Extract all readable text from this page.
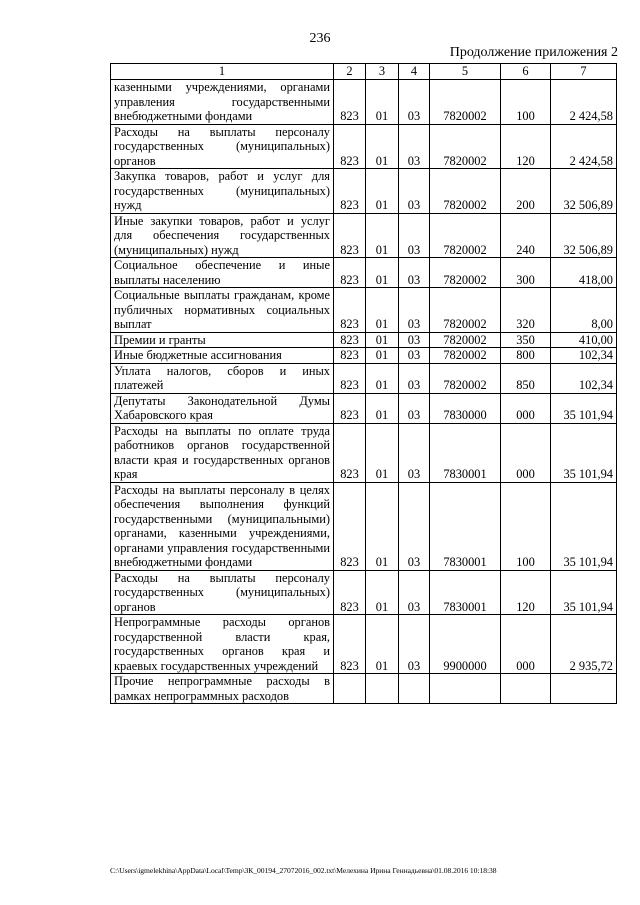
236
Продолжение приложения 2
1	2	3	4	5	6	7
казенными учреждениями, органами управления государственными внебюджетными фондами	823	01	03	7820002	100	2 424,58
Расходы на выплаты персоналу государственных (муниципальных) органов	823	01	03	7820002	120	2 424,58
Закупка товаров, работ и услуг для государственных (муниципальных) нужд	823	01	03	7820002	200	32 506,89
Иные закупки товаров, работ и услуг для обеспечения государственных (муниципальных) нужд	823	01	03	7820002	240	32 506,89
Социальное обеспечение и иные выплаты населению	823	01	03	7820002	300	418,00
Социальные выплаты гражданам, кроме публичных нормативных социальных выплат	823	01	03	7820002	320	8,00
Премии и гранты	823	01	03	7820002	350	410,00
Иные бюджетные ассигнования	823	01	03	7820002	800	102,34
Уплата налогов, сборов и иных платежей	823	01	03	7820002	850	102,34
Депутаты Законодательной Думы Хабаровского края	823	01	03	7830000	000	35 101,94
Расходы на выплаты по оплате труда работников органов государственной власти края и государственных органов края	823	01	03	7830001	000	35 101,94
Расходы на выплаты персоналу в целях обеспечения выполнения функций государственными (муниципальными) органами, казенными учреждениями, органами управления государственными внебюджетными фондами	823	01	03	7830001	100	35 101,94
Расходы на выплаты персоналу государственных (муниципальных) органов	823	01	03	7830001	120	35 101,94
Непрограммные расходы органов государственной власти края, государственных органов края и краевых государственных учреждений	823	01	03	9900000	000	2 935,72
Прочие непрограммные расходы в рамках непрограммных расходов						
C:\Users\igmelekhina\AppData\Local\Temp\ЗК_00194_27072016_002.txt\Мелехина Ирина Геннадьевна\01.08.2016 10:18:38
